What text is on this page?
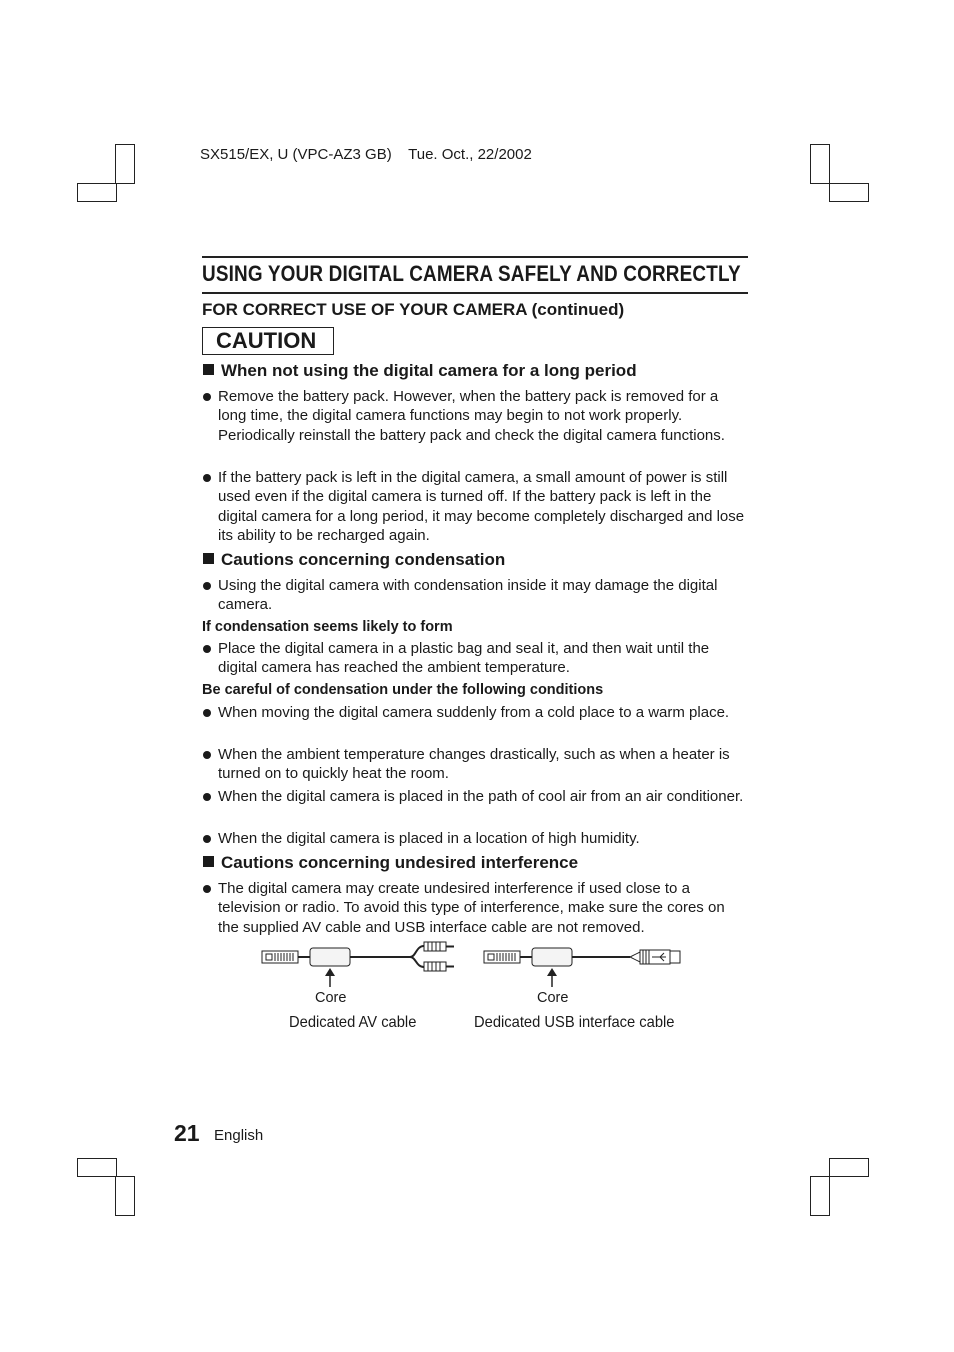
SX515/EX, U (VPC-AZ3 GB)    Tue. Oct., 22/2002
USING YOUR DIGITAL CAMERA SAFELY AND CORRECTLY
FOR CORRECT USE OF YOUR CAMERA (continued)
CAUTION
When not using the digital camera for a long period
Remove the battery pack. However, when the battery pack is removed for a long time, the digital camera functions may begin to not work properly. Periodically reinstall the battery pack and check the digital camera functions.
If the battery pack is left in the digital camera, a small amount of power is still used even if the digital camera is turned off. If the battery pack is left in the digital camera for a long period, it may become completely discharged and lose its ability to be recharged again.
Cautions concerning condensation
Using the digital camera with condensation inside it may damage the digital camera.
If condensation seems likely to form
Place the digital camera in a plastic bag and seal it, and then wait until the digital camera has reached the ambient temperature.
Be careful of condensation under the following conditions
When moving the digital camera suddenly from a cold place to a warm place.
When the ambient temperature changes drastically, such as when a heater is turned on to quickly heat the room.
When the digital camera is placed in the path of cool air from an air conditioner.
When the digital camera is placed in a location of high humidity.
Cautions concerning undesired interference
The digital camera may create undesired interference if used close to a television or radio. To avoid this type of interference, make sure the cores on the supplied AV cable and USB interface cable are not removed.
Core
Dedicated AV cable
Core
Dedicated USB interface cable
21 English
